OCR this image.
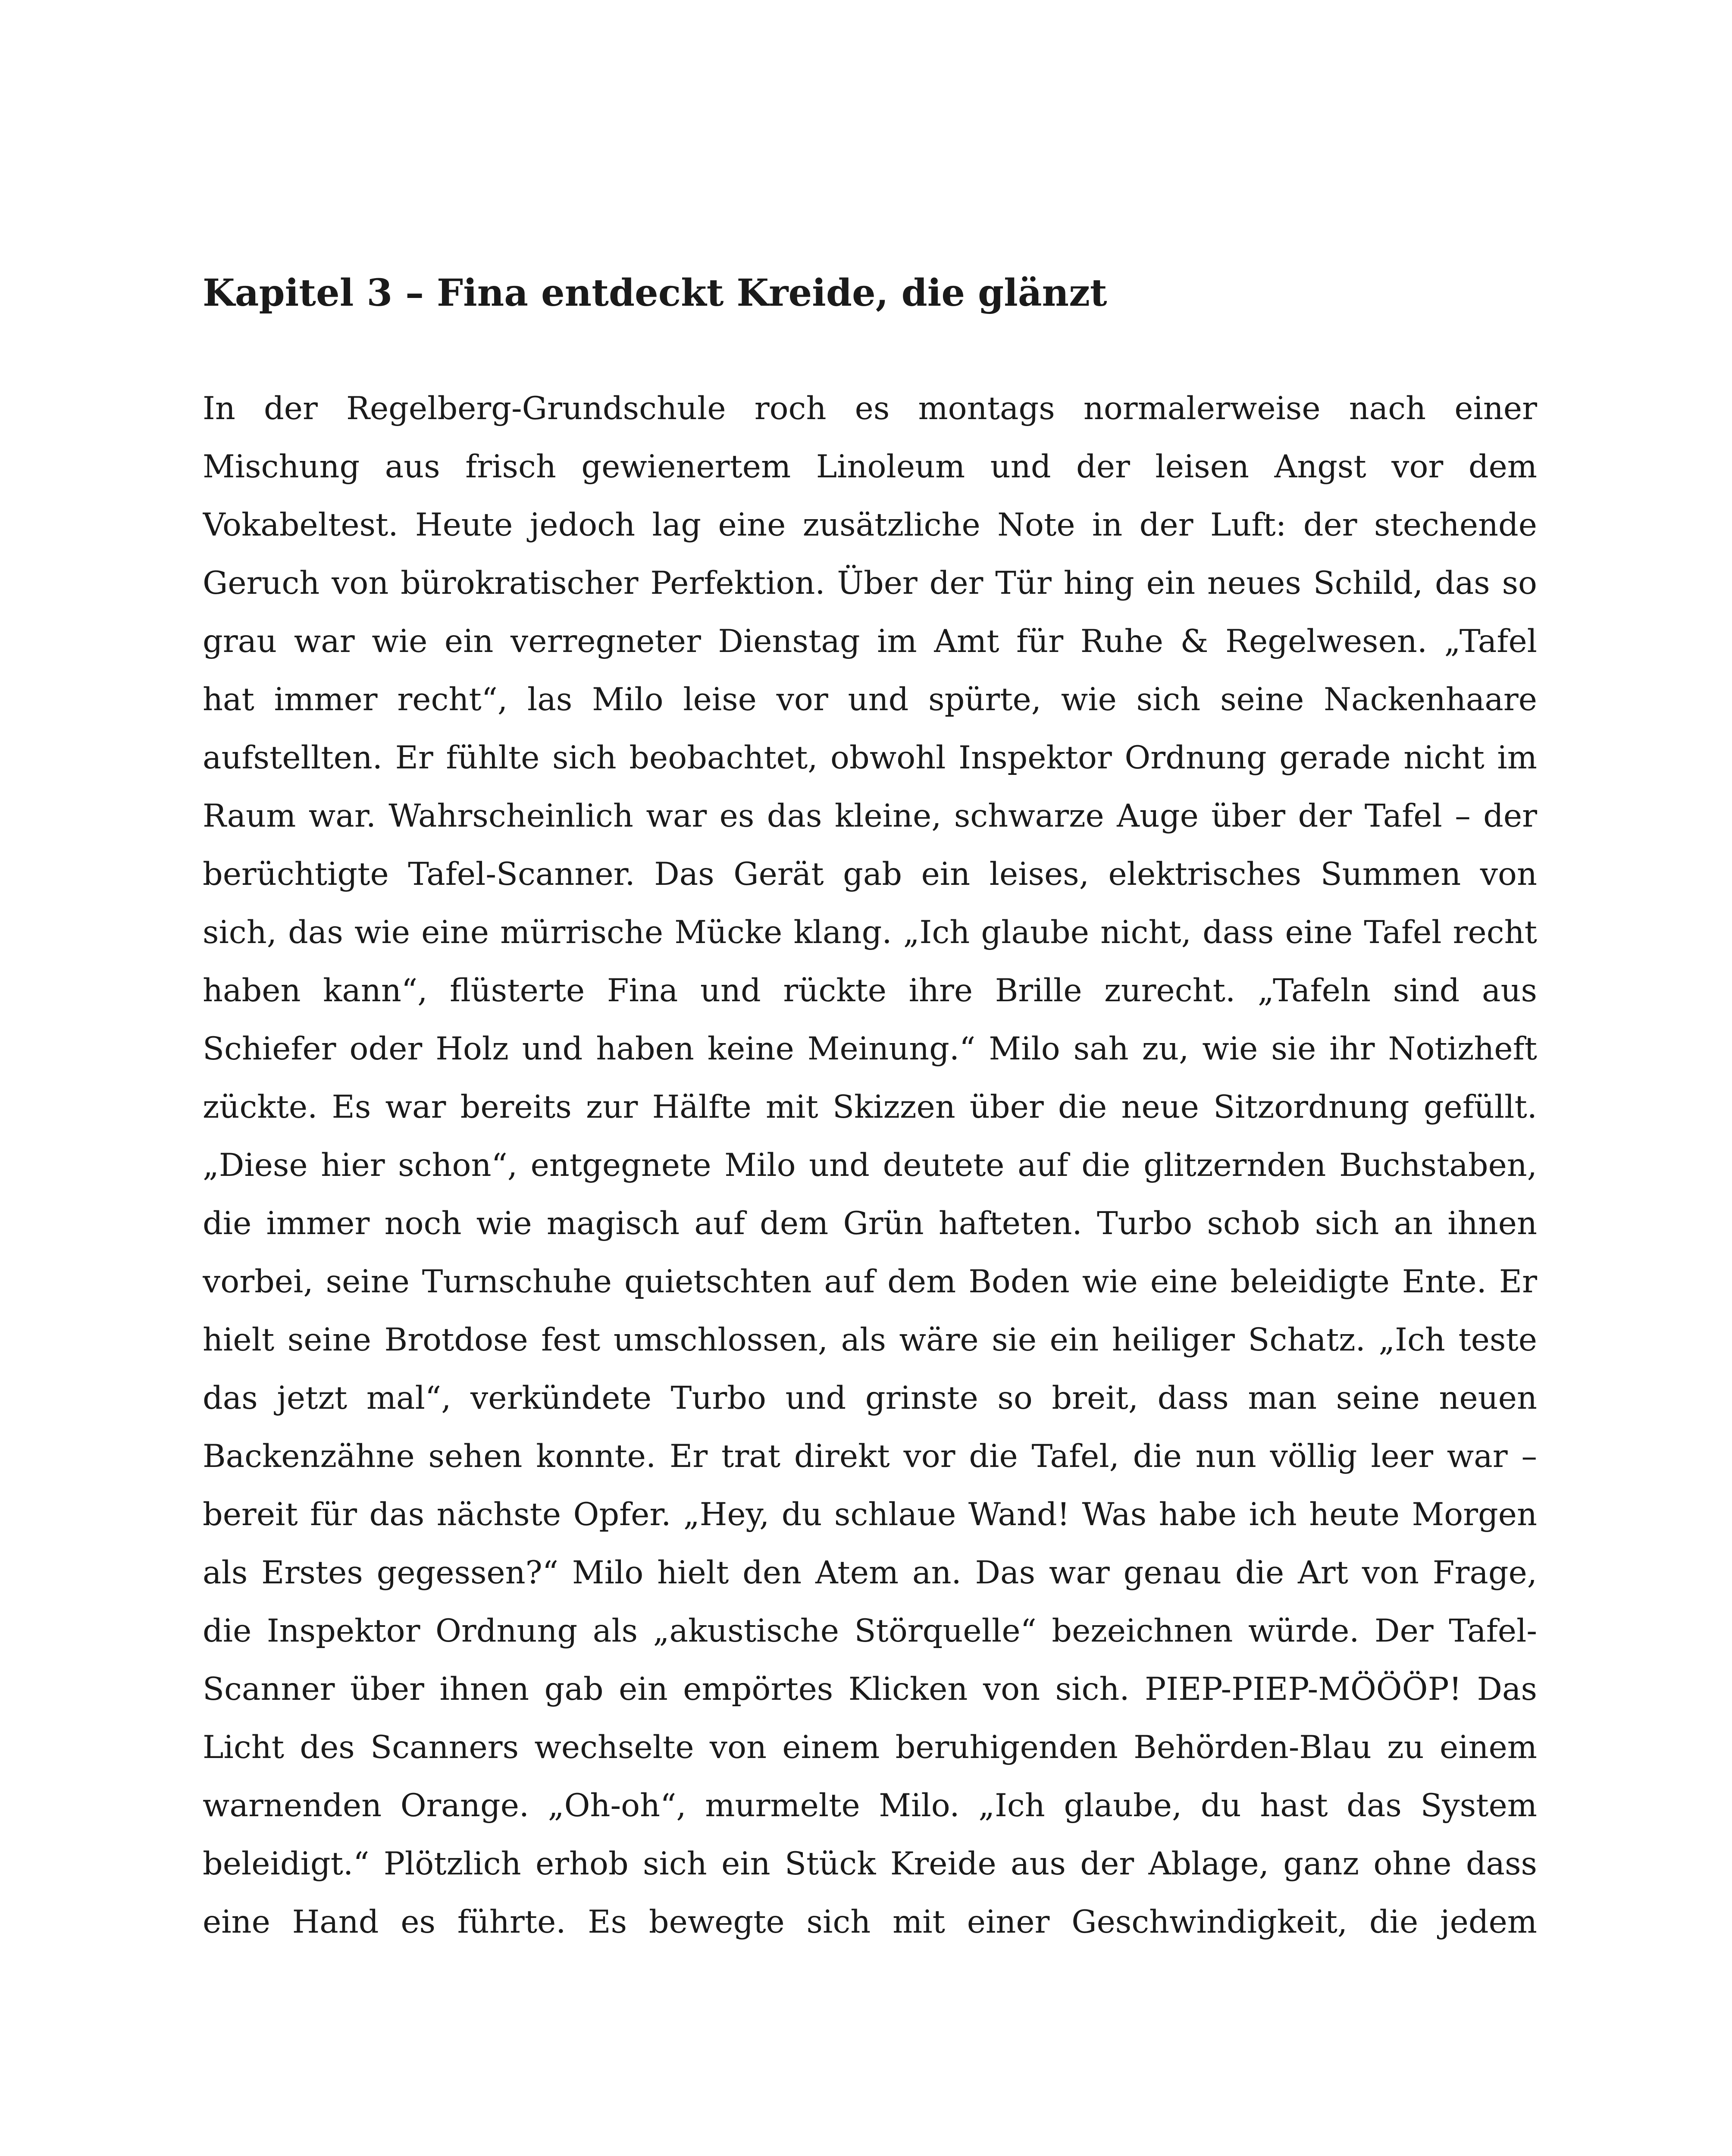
Kapitel 3 – Fina entdeckt Kreide, die glänzt
In der Regelberg-Grundschule roch es montags normalerweise nach einer
Mischung aus frisch gewienertem Linoleum und der leisen Angst vor dem
Vokabeltest. Heute jedoch lag eine zusätzliche Note in der Luft: der stechende
Geruch von bürokratischer Perfektion. Über der Tür hing ein neues Schild, das so
grau war wie ein verregneter Dienstag im Amt für Ruhe & Regelwesen. „Tafel
hat immer recht“, las Milo leise vor und spürte, wie sich seine Nackenhaare
aufstellten. Er fühlte sich beobachtet, obwohl Inspektor Ordnung gerade nicht im
Raum war. Wahrscheinlich war es das kleine, schwarze Auge über der Tafel – der
berüchtigte Tafel-Scanner. Das Gerät gab ein leises, elektrisches Summen von
sich, das wie eine mürrische Mücke klang. „Ich glaube nicht, dass eine Tafel recht
haben kann“, flüsterte Fina und rückte ihre Brille zurecht. „Tafeln sind aus
Schiefer oder Holz und haben keine Meinung.“ Milo sah zu, wie sie ihr Notizheft
zückte. Es war bereits zur Hälfte mit Skizzen über die neue Sitzordnung gefüllt.
„Diese hier schon“, entgegnete Milo und deutete auf die glitzernden Buchstaben,
die immer noch wie magisch auf dem Grün hafteten. Turbo schob sich an ihnen
vorbei, seine Turnschuhe quietschten auf dem Boden wie eine beleidigte Ente. Er
hielt seine Brotdose fest umschlossen, als wäre sie ein heiliger Schatz. „Ich teste
das jetzt mal“, verkündete Turbo und grinste so breit, dass man seine neuen
Backenzähne sehen konnte. Er trat direkt vor die Tafel, die nun völlig leer war –
bereit für das nächste Opfer. „Hey, du schlaue Wand! Was habe ich heute Morgen
als Erstes gegessen?“ Milo hielt den Atem an. Das war genau die Art von Frage,
die Inspektor Ordnung als „akustische Störquelle“ bezeichnen würde. Der Tafel-
Scanner über ihnen gab ein empörtes Klicken von sich. PIEP-PIEP-MÖÖÖP! Das
Licht des Scanners wechselte von einem beruhigenden Behörden-Blau zu einem
warnenden Orange. „Oh-oh“, murmelte Milo. „Ich glaube, du hast das System
beleidigt.“ Plötzlich erhob sich ein Stück Kreide aus der Ablage, ganz ohne dass
eine Hand es führte. Es bewegte sich mit einer Geschwindigkeit, die jedem
